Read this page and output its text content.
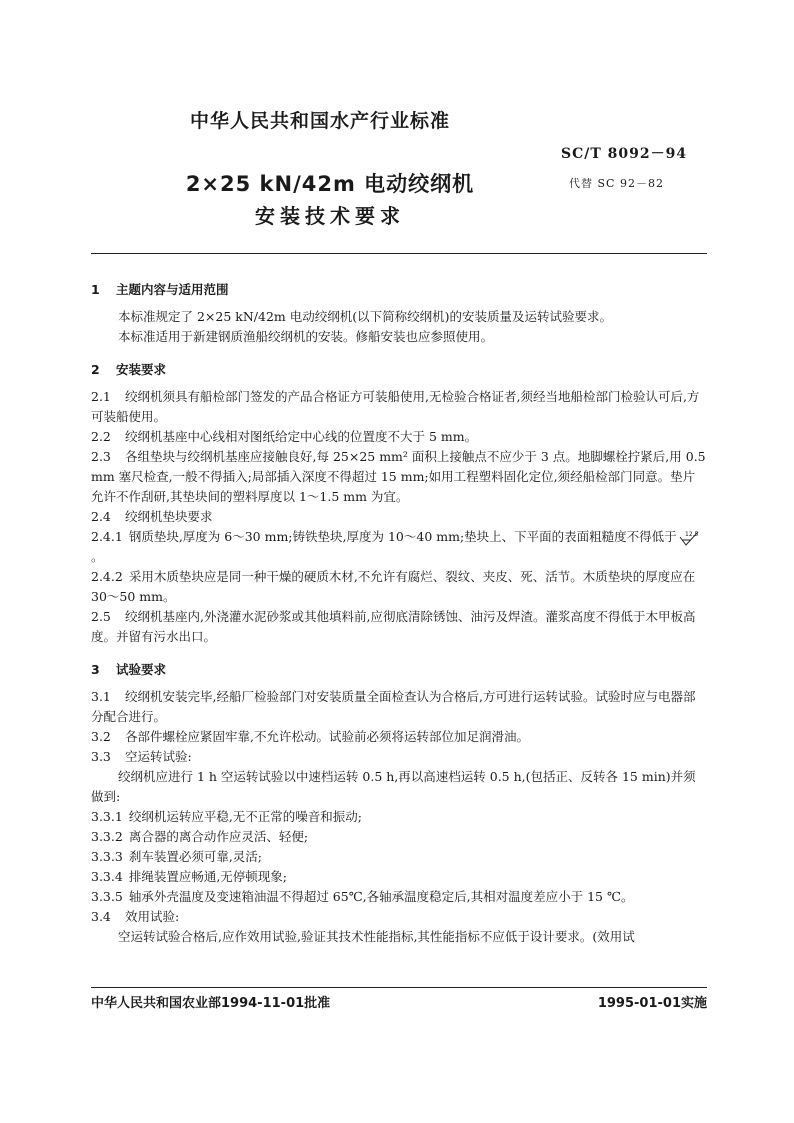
中华人民共和国水产行业标准
SC/T 8092－94
代替 SC 92－82
2×25 kN/42m 电动绞纲机
安装技术要求
1 主题内容与适用范围

本标准规定了 2×25 kN/42m 电动绞纲机(以下简称绞纲机)的安装质量及运转试验要求。

本标准适用于新建钢质渔船绞纲机的安装。修船安装也应参照使用。

2 安装要求

2.1 绞纲机须具有船检部门签发的产品合格证方可装船使用,无检验合格证者,须经当地船检部门检验认可后,方可装船使用。

2.2 绞纲机基座中心线相对图纸给定中心线的位置度不大于 5 mm。

2.3 各组垫块与绞纲机基座应接触良好,每 25×25 mm² 面积上接触点不应少于 3 点。地脚螺栓拧紧后,用 0.5 mm 塞尺检查,一般不得插入;局部插入深度不得超过 15 mm;如用工程塑料固化定位,须经船检部门同意。垫片允许不作刮研,其垫块间的塑料厚度以 1～1.5 mm 为宜。

2.4 绞纲机垫块要求

2.4.1 钢质垫块,厚度为 6～30 mm;铸铁垫块,厚度为 10～40 mm;垫块上、下平面的表面粗糙度不得低于 12.5
。

2.4.2 采用木质垫块应是同一种干燥的硬质木材,不允许有腐烂、裂纹、夹皮、死、活节。木质垫块的厚度应在 30～50 mm。

2.5 绞纲机基座内,外浇灌水泥砂浆或其他填料前,应彻底清除锈蚀、油污及焊渣。灌浆高度不得低于木甲板高度。并留有污水出口。

3 试验要求

3.1 绞纲机安装完毕,经船厂检验部门对安装质量全面检查认为合格后,方可进行运转试验。试验时应与电器部分配合进行。

3.2 各部件螺栓应紧固牢靠,不允许松动。试验前必须将运转部位加足润滑油。

3.3 空运转试验:

绞纲机应进行 1 h 空运转试验以中速档运转 0.5 h,再以高速档运转 0.5 h,(包括正、反转各 15 min)并须做到:

3.3.1 绞纲机运转应平稳,无不正常的噪音和振动;

3.3.2 离合器的离合动作应灵活、轻便;

3.3.3 刹车装置必须可靠,灵活;

3.3.4 排绳装置应畅通,无停顿现象;

3.3.5 轴承外壳温度及变速箱油温不得超过 65℃,各轴承温度稳定后,其相对温度差应小于 15 ℃。

3.4 效用试验:

空运转试验合格后,应作效用试验,验证其技术性能指标,其性能指标不应低于设计要求。(效用试

中华人民共和国农业部1994-11-01批准	1995-01-01实施
